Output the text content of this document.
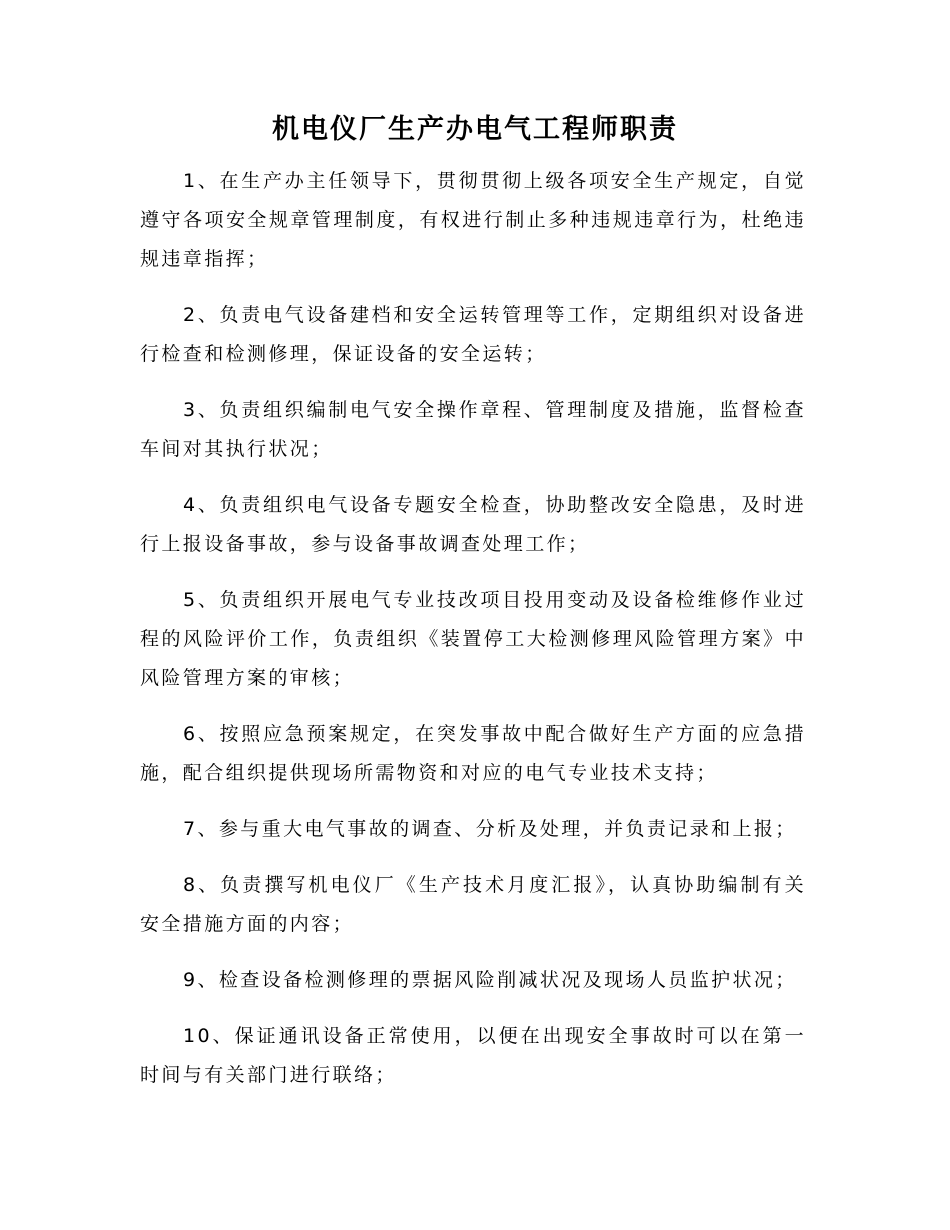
机电仪厂生产办电气工程师职责

1、在生产办主任领导下，贯彻贯彻上级各项安全生产规定，自觉遵守各项安全规章管理制度，有权进行制止多种违规违章行为，杜绝违规违章指挥；

2、负责电气设备建档和安全运转管理等工作，定期组织对设备进行检查和检测修理，保证设备的安全运转；

3、负责组织编制电气安全操作章程、管理制度及措施，监督检查车间对其执行状况；

4、负责组织电气设备专题安全检查，协助整改安全隐患，及时进行上报设备事故，参与设备事故调查处理工作；

5、负责组织开展电气专业技改项目投用变动及设备检维修作业过程的风险评价工作，负责组织《装置停工大检测修理风险管理方案》中风险管理方案的审核；

6、按照应急预案规定，在突发事故中配合做好生产方面的应急措施，配合组织提供现场所需物资和对应的电气专业技术支持；

7、参与重大电气事故的调查、分析及处理，并负责记录和上报；

8、负责撰写机电仪厂《生产技术月度汇报》，认真协助编制有关安全措施方面的内容；

9、检查设备检测修理的票据风险削减状况及现场人员监护状况；

10、保证通讯设备正常使用，以便在出现安全事故时可以在第一时间与有关部门进行联络；
